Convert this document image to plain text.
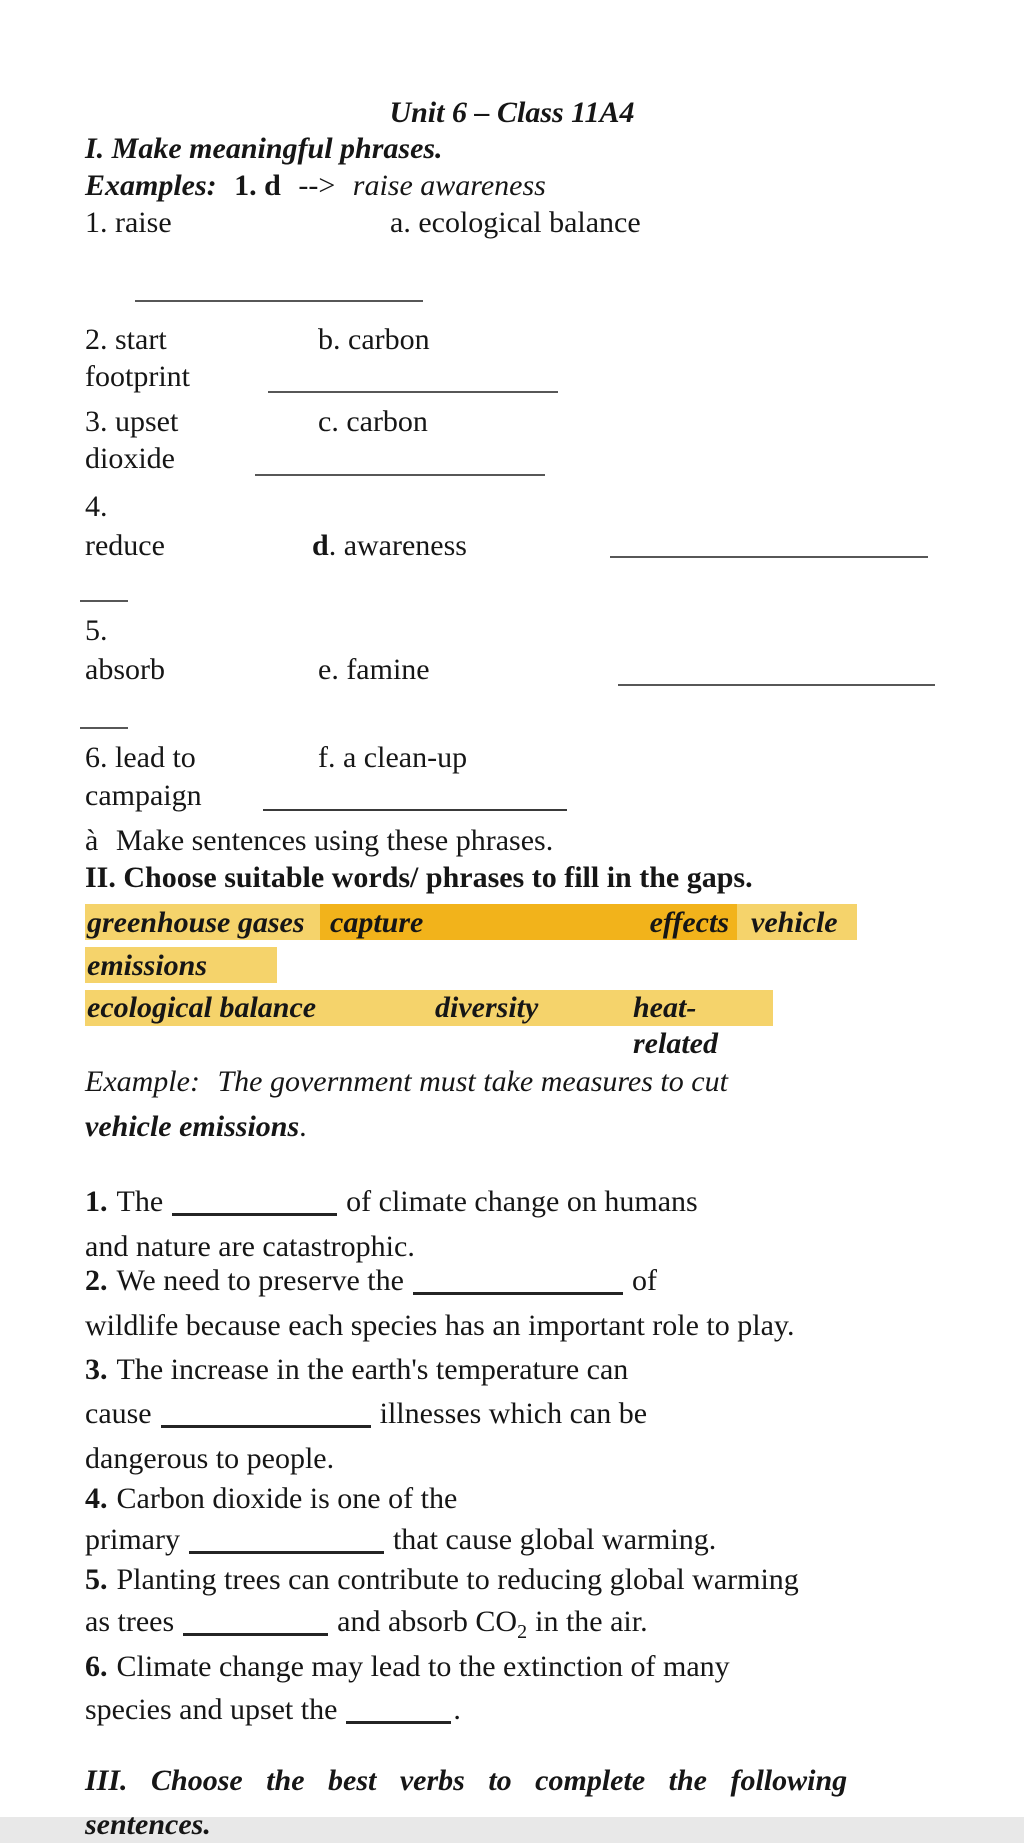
Unit 6 – Class 11A4
I. Make meaningful phrases.
Examples: 1. d --> raise awareness
1. raise	a. ecological balance
2. start	b. carbon
footprint
3. upset	c. carbon
dioxide
4.
reduce	d. awareness
5.
absorb	e. famine
6. lead to	f. a clean-up
campaign
à Make sentences using these phrases.
II. Choose suitable words/ phrases to fill in the gaps.
greenhouse gases capture	effects vehicle
emissions
ecological balance	diversity	heat-related
Example: The government must take measures to cut
vehicle emissions.
1. The	of climate change on humans
and nature are catastrophic.
2. We need to preserve the	of
wildlife because each species has an important role to play.
3. The increase in the earth's temperature can
cause	illnesses which can be
dangerous to people.
4. Carbon dioxide is one of the
primary	that cause global warming.
5. Planting trees can contribute to reducing global warming
as trees	and absorb $CO_2$ in the air.
6. Climate change may lead to the extinction of many
species and upset the	.
III. Choose the best verbs to complete the following
sentences.
